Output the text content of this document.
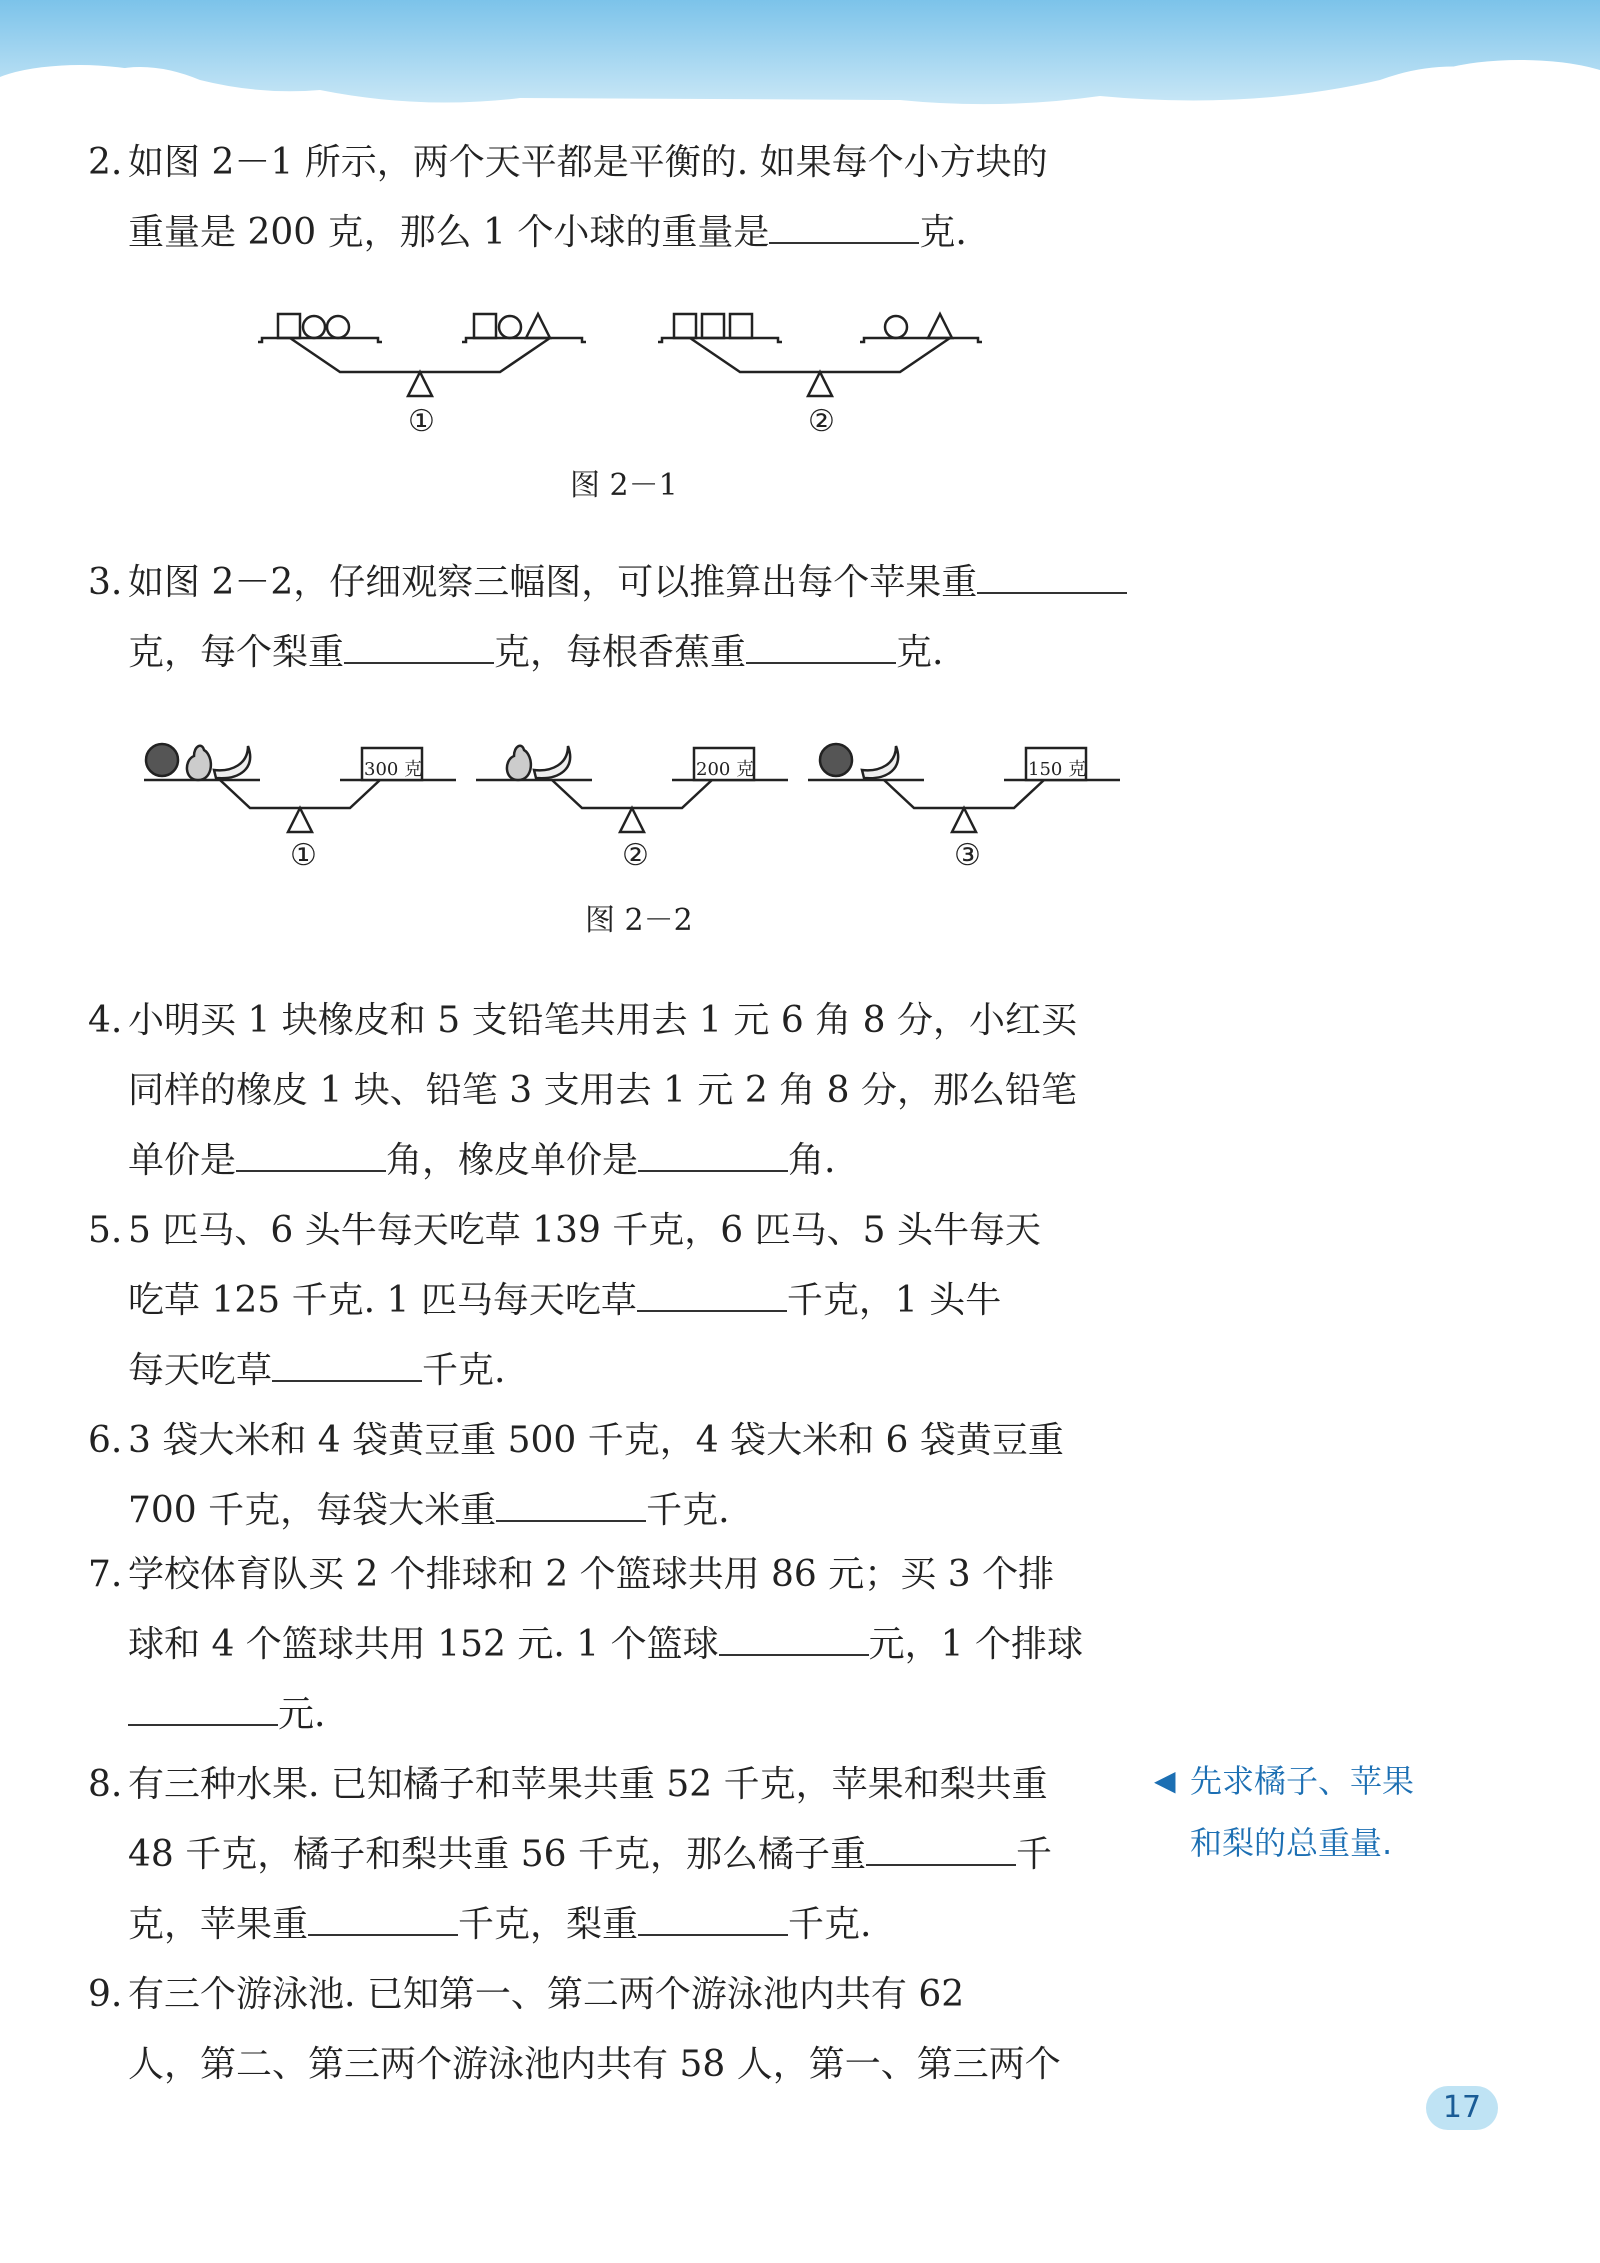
2. 如图 2－1 所示，两个天平都是平衡的. 如果每个小方块的
重量是 200 克，那么 1 个小球的重量是	克.
①	②
图 2－1
3. 如图 2－2，仔细观察三幅图，可以推算出每个苹果重
克，每个梨重	克，每根香蕉重	克.
300 克	200 克	150 克
①	②	③
图 2－2
4. 小明买 1 块橡皮和 5 支铅笔共用去 1 元 6 角 8 分，小红买
同样的橡皮 1 块、铅笔 3 支用去 1 元 2 角 8 分，那么铅笔
单价是	角，橡皮单价是	角.
5. 5 匹马、6 头牛每天吃草 139 千克，6 匹马、5 头牛每天
吃草 125 千克. 1 匹马每天吃草	千克，1 头牛
每天吃草	千克.
6. 3 袋大米和 4 袋黄豆重 500 千克，4 袋大米和 6 袋黄豆重
700 千克，每袋大米重	千克.
7. 学校体育队买 2 个排球和 2 个篮球共用 86 元；买 3 个排
球和 4 个篮球共用 152 元. 1 个篮球	元，1 个排球
元.
8. 有三种水果. 已知橘子和苹果共重 52 千克，苹果和梨共重
48 千克，橘子和梨共重 56 千克，那么橘子重	千
克，苹果重	千克，梨重	千克.
9. 有三个游泳池. 已知第一、第二两个游泳池内共有 62
人，第二、第三两个游泳池内共有 58 人，第一、第三两个
◀ 先求橘子、苹果
和梨的总重量.
17
